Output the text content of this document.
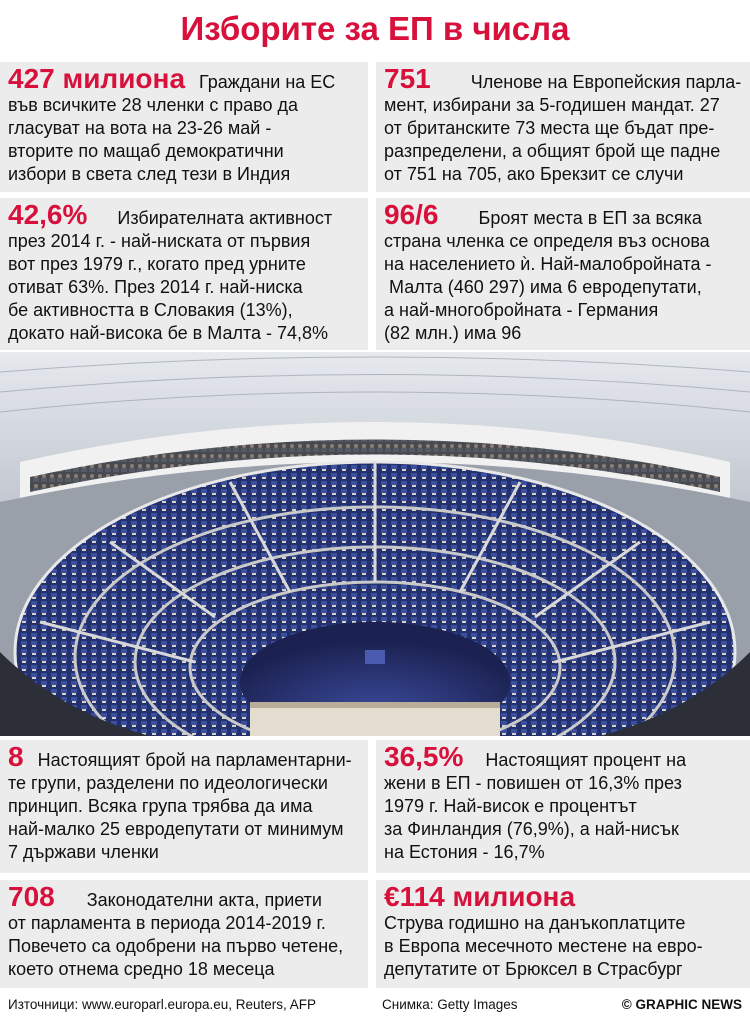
Изборите за ЕП в числа
427 милиона Граждани на ЕС
във всичките 28 членки с право да
гласуват на вота на 23-26 май -
вторите по мащаб демократични
избори в света след тези в Индия
751 Членове на Европейския парла-
мент, избирани за 5-годишен мандат. 27
от британските 73 места ще бъдат пре-
разпределени, а общият брой ще падне
от 751 на 705, ако Брекзит се случи
42,6% Избирателната активност
през 2014 г. - най-ниската от първия
вот през 1979 г., когато пред урните
отиват 63%. През 2014 г. най-ниска
бе активността в Словакия (13%),
докато най-висока бе в Малта - 74,8%
96/6 Броят места в ЕП за всяка
страна членка се определя въз основа
на населението ѝ. Най-малобройната -
Малта (460 297) има 6 евродепутати,
а най-многобройната - Германия
(82 млн.) има 96
8 Настоящият брой на парламентарни-
те групи, разделени по идеологически
принцип. Всяка група трябва да има
най-малко 25 евродепутати от минимум
7 държави членки
36,5% Настоящият процент на
жени в ЕП - повишен от 16,3% през
1979 г. Най-висок е процентът
за Финландия (76,9%), а най-нисък
на Естония - 16,7%
708 Законодателни акта, приети
от парламента в периода 2014-2019 г.
Повечето са одобрени на първо четене,
което отнема средно 18 месеца
€114 милиона
Струва годишно на данъкоплатците
в Европа месечното местене на евро-
депутатите от Брюксел в Страсбург
Източници: www.europarl.europa.eu, Reuters, AFP	Снимка: Getty Images	© GRAPHIC NEWS
